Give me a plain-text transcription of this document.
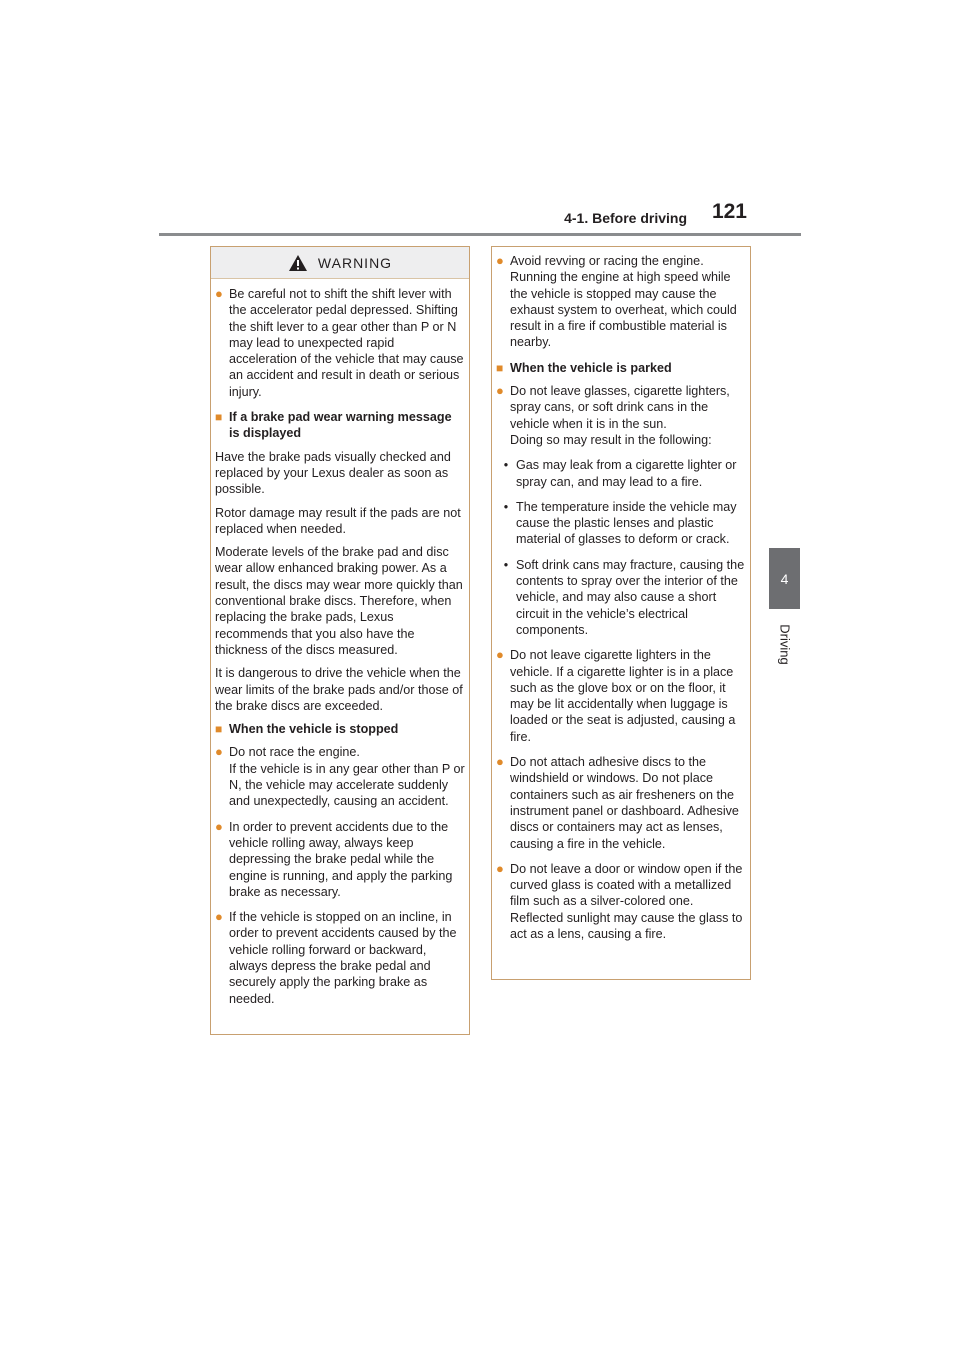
4-1. Before driving 121
4
Driving
WARNING
● Be careful not to shift the shift lever with the accelerator pedal depressed. Shifting the shift lever to a gear other than P or N may lead to unexpected rapid acceleration of the vehicle that may cause an accident and result in death or serious injury.
■ If a brake pad wear warning message is displayed
Have the brake pads visually checked and replaced by your Lexus dealer as soon as possible.
Rotor damage may result if the pads are not replaced when needed.
Moderate levels of the brake pad and disc wear allow enhanced braking power. As a result, the discs may wear more quickly than conventional brake discs. Therefore, when replacing the brake pads, Lexus recommends that you also have the thickness of the discs measured.
It is dangerous to drive the vehicle when the wear limits of the brake pads and/or those of the brake discs are exceeded.
■ When the vehicle is stopped
● Do not race the engine.
If the vehicle is in any gear other than P or N, the vehicle may accelerate suddenly and unexpectedly, causing an accident.
● In order to prevent accidents due to the vehicle rolling away, always keep depressing the brake pedal while the engine is running, and apply the parking brake as necessary.
● If the vehicle is stopped on an incline, in order to prevent accidents caused by the vehicle rolling forward or backward, always depress the brake pedal and securely apply the parking brake as needed.
● Avoid revving or racing the engine. Running the engine at high speed while the vehicle is stopped may cause the exhaust system to overheat, which could result in a fire if combustible material is nearby.
■ When the vehicle is parked
● Do not leave glasses, cigarette lighters, spray cans, or soft drink cans in the vehicle when it is in the sun.
Doing so may result in the following:
• Gas may leak from a cigarette lighter or spray can, and may lead to a fire.
• The temperature inside the vehicle may cause the plastic lenses and plastic material of glasses to deform or crack.
• Soft drink cans may fracture, causing the contents to spray over the interior of the vehicle, and may also cause a short circuit in the vehicle’s electrical components.
● Do not leave cigarette lighters in the vehicle. If a cigarette lighter is in a place such as the glove box or on the floor, it may be lit accidentally when luggage is loaded or the seat is adjusted, causing a fire.
● Do not attach adhesive discs to the windshield or windows. Do not place containers such as air fresheners on the instrument panel or dashboard. Adhesive discs or containers may act as lenses, causing a fire in the vehicle.
● Do not leave a door or window open if the curved glass is coated with a metallized film such as a silver-colored one. Reflected sunlight may cause the glass to act as a lens, causing a fire.
